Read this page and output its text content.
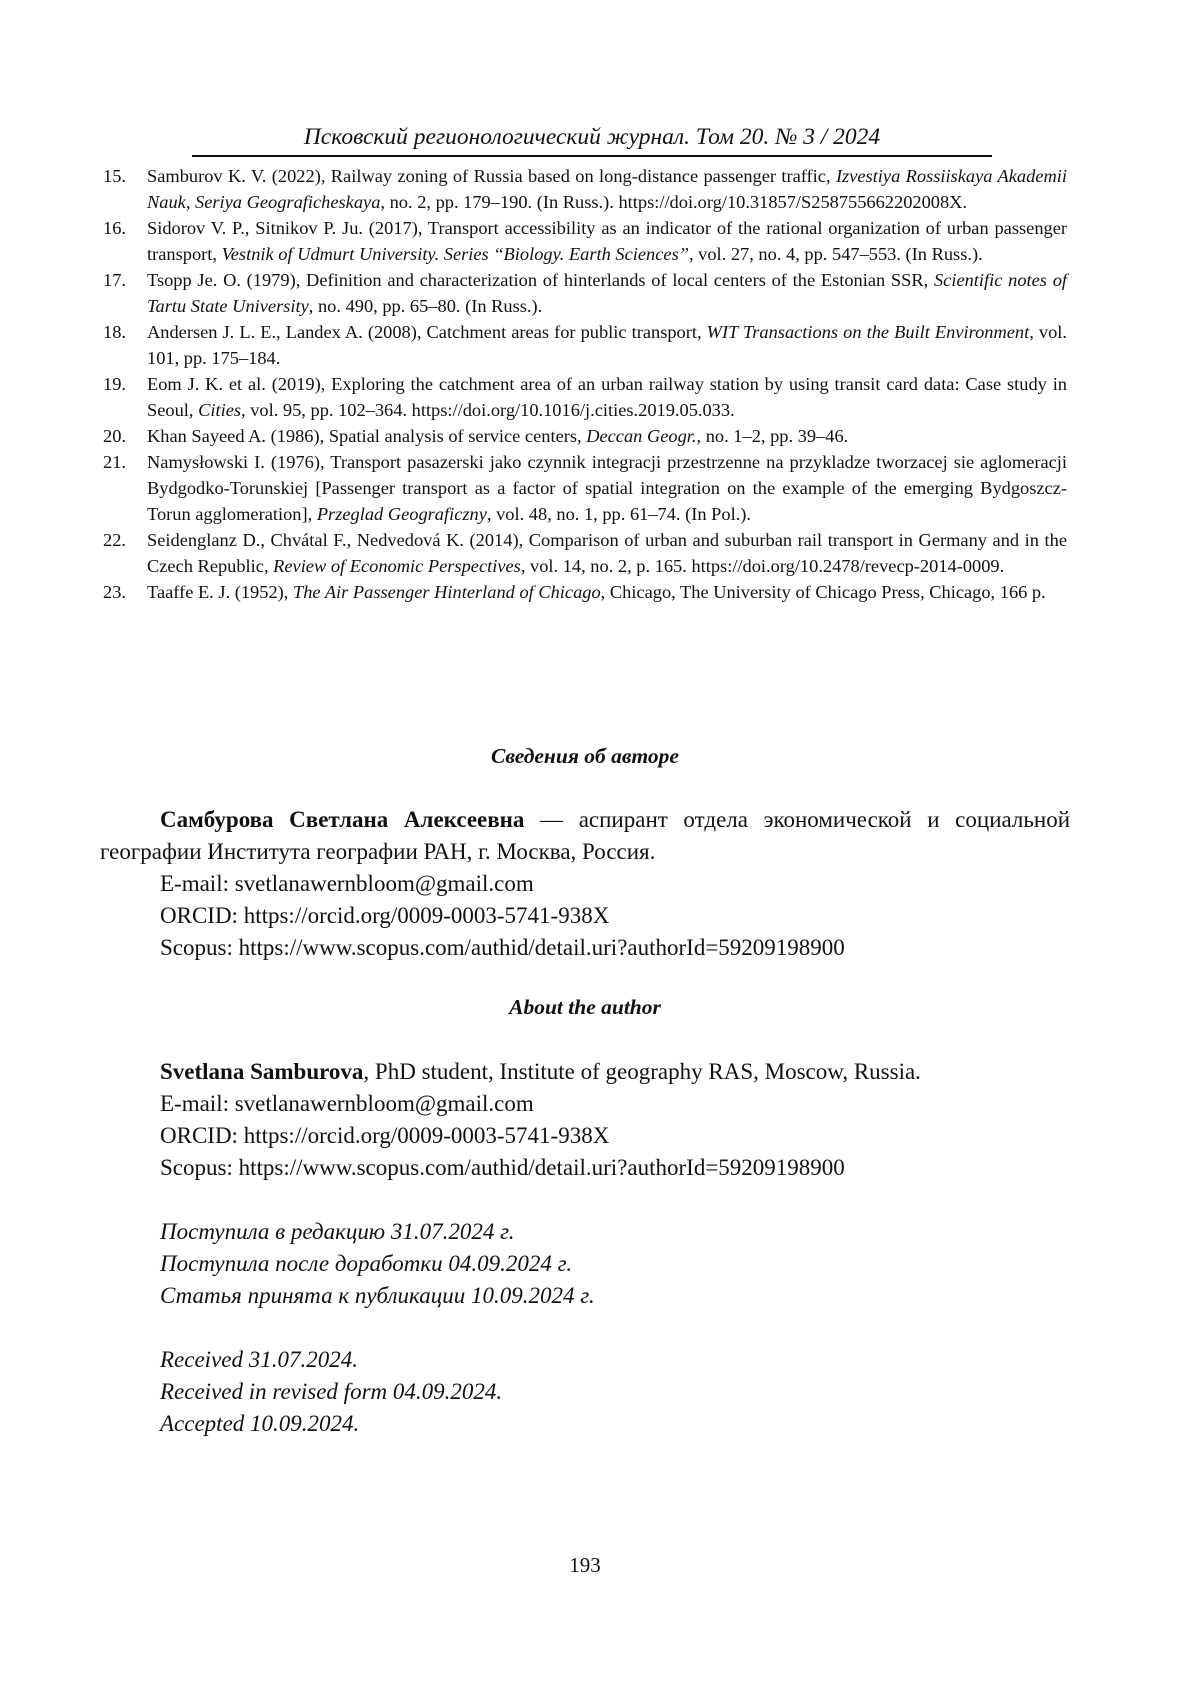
Псковский регионологический журнал. Том 20. № 3 / 2024
15.	Samburov K. V. (2022), Railway zoning of Russia based on long-distance passenger traffic, Izvestiya Rossiiskaya Akademii Nauk, Seriya Geograficheskaya, no. 2, pp. 179–190. (In Russ.). https://doi.org/10.31857/S258755662202008X.
16.	Sidorov V. P., Sitnikov P. Ju. (2017), Transport accessibility as an indicator of the rational organization of urban passenger transport, Vestnik of Udmurt University. Series “Biology. Earth Sciences”, vol. 27, no. 4, pp. 547–553. (In Russ.).
17.	Tsopp Je. O. (1979), Definition and characterization of hinterlands of local centers of the Estonian SSR, Scientific notes of Tartu State University, no. 490, pp. 65–80. (In Russ.).
18.	Andersen J. L. E., Landex A. (2008), Catchment areas for public transport, WIT Transactions on the Built Environment, vol. 101, pp. 175–184.
19.	Eom J. K. et al. (2019), Exploring the catchment area of an urban railway station by using transit card data: Case study in Seoul, Cities, vol. 95, pp. 102–364. https://doi.org/10.1016/j.cities.2019.05.033.
20.	Khan Sayeed A. (1986), Spatial analysis of service centers, Deccan Geogr., no. 1–2, pp. 39–46.
21.	Namysłowski I. (1976), Transport pasazerski jako czynnik integracji przestrzenne na przykladze tworzacej sie aglomeracji Bydgodko-Torunskiej [Passenger transport as a factor of spatial integration on the example of the emerging Bydgoszcz-Torun agglomeration], Przeglad Geograficzny, vol. 48, no. 1, pp. 61–74. (In Pol.).
22.	Seidenglanz D., Chvátal F., Nedvedová K. (2014), Comparison of urban and suburban rail transport in Germany and in the Czech Republic, Review of Economic Perspectives, vol. 14, no. 2, p. 165. https://doi.org/10.2478/revecp-2014-0009.
23.	Taaffe E. J. (1952), The Air Passenger Hinterland of Chicago, Chicago, The University of Chicago Press, Chicago, 166 p.
Сведения об авторе
Самбурова Светлана Алексеевна — аспирант отдела экономической и социальной географии Института географии РАН, г. Москва, Россия.
E-mail: svetlanawernbloom@gmail.com
ORCID: https://orcid.org/0009-0003-5741-938X
Scopus: https://www.scopus.com/authid/detail.uri?authorId=59209198900
About the author
Svetlana Samburova, PhD student, Institute of geography RAS, Moscow, Russia.
E-mail: svetlanawernbloom@gmail.com
ORCID: https://orcid.org/0009-0003-5741-938X
Scopus: https://www.scopus.com/authid/detail.uri?authorId=59209198900
Поступила в редакцию 31.07.2024 г.
Поступила после доработки 04.09.2024 г.
Статья принята к публикации 10.09.2024 г.
Received 31.07.2024.
Received in revised form 04.09.2024.
Accepted 10.09.2024.
193
